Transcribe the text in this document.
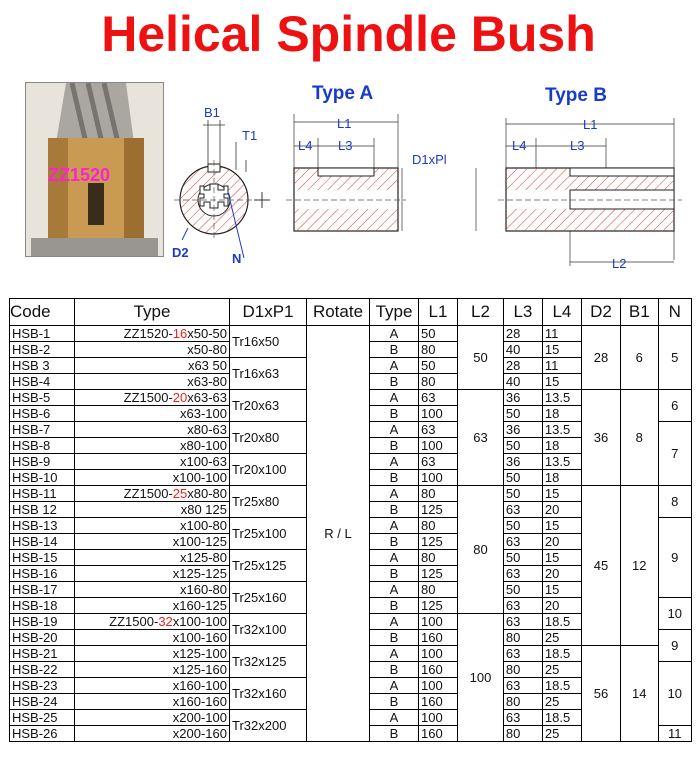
Helical Spindle Bush
ZZ1520
Type A	Type B
B1
T1
D2	N
L1
L4 L3
D1xPl
L1
L4	L3
L2
Code	Type	D1xP1	Rotate	Type	L1	L2	L3	L4	D2	B1	N
HSB-1	ZZ1520-16x50-50	Tr16x50	R / L	A	50	50	28	11	28	6	5
HSB-2	x50-80			B	80		40	15			
HSB 3	x63 50	Tr16x63		A	50		28	11			
HSB-4	x63-80			B	80		40	15			
HSB-5	ZZ1500-20x63-63	Tr20x63		A	63	63	36	13.5	36	8	6
HSB-6	x63-100			B	100		50	18			
HSB-7	x80-63	Tr20x80		A	63		36	13.5			7
HSB-8	x80-100			B	100		50	18			
HSB-9	x100-63	Tr20x100		A	63		36	13.5			
HSB-10	x100-100			B	100		50	18			
HSB-11	ZZ1500-25x80-80	Tr25x80		A	80	80	50	15	45	12	8
HSB 12	x80 125			B	125		63	20			
HSB-13	x100-80	Tr25x100		A	80		50	15			9
HSB-14	x100-125			B	125		63	20			
HSB-15	x125-80	Tr25x125		A	80		50	15			
HSB-16	x125-125			B	125		63	20			
HSB-17	x160-80	Tr25x160		A	80		50	15			
HSB-18	x160-125			B	125		63	20			10
HSB-19	ZZ1500-32x100-100	Tr32x100		A	100	100	63	18.5			
HSB-20	x100-160			B	160		80	25			9
HSB-21	x125-100	Tr32x125		A	100		63	18.5	56	14	
HSB-22	x125-160			B	160		80	25			10
HSB-23	x160-100	Tr32x160		A	100		63	18.5			
HSB-24	x160-160			B	160		80	25			
HSB-25	x200-100	Tr32x200		A	100		63	18.5			
HSB-26	x200-160			B	160		80	25			11
